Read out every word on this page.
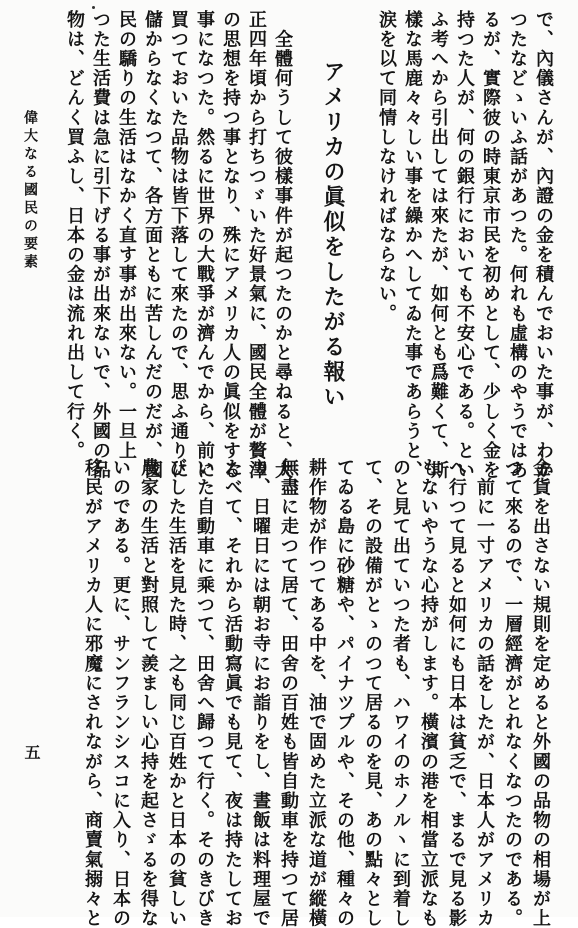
偉大なる國民の要素
五
で、內儀さんが、內證の金を積んでおいた事が、わか
つたなどゝいふ話があつた。何れも虛構のやうではあ
るが、實際彼の時東京市民を初めとして、少しく金を
持つた人が、何の銀行においても不安心である。とい
ふ考へから引出しては來たが、如何とも爲難くて、斯
樣な馬鹿々々しい事を繰かへしてゐた事であらうと、
涙を以て同情しなければならない。
　　アメリカの眞似をしたがる報い
　全體何うして彼樣事件が起つたのかと尋ねると、大
正四年頃から打ちつゞいた好景氣に、國民全體が贅澤
の思想を持つ事となり、殊にアメリカ人の眞似をする
事になつた。然るに世界の大戰爭が濟んでから、前に
買つておいた品物は皆下落して來たので、思ふ通りに
儲からなくなつて、各方面ともに苦しんだのだが、國
民の驕りの生活はなかく直す事が出來ない。一旦上
つた生活費は急に引下げる事が出來ないで、外國の品
物は、どんく買ふし、日本の金は流れ出して行く。
金貨を出さない規則を定めると外國の品物の相場が上
つて來るので、一層經濟がとれなくなつたのである。
　前に一寸アメリカの話をしたが、日本人がアメリカ
へ行つて見ると如何にも日本は貧乏で、まるで見る影
もないやうな心持がします。橫濱の港を相當立派なも
のと見て出ていつた者も、ハワイのホノルヽに到着し
て、その設備がとゝのつて居るのを見、あの點々とし
てゐる島に砂糖や、パイナツプルや、その他、種々の
耕作物が作つてある中を、油で固めた立派な道が縱橫
無盡に走つて居て、田舍の百姓も皆自動車を持つて居
り、日曜日には朝お寺にお詣りをし、晝飯は料理屋で
たべて、それから活動寫眞でも見て、夜は持たしてお
いた自動車に乘つて、田舍へ歸つて行く。そのきびき
びした生活を見た時、之も同じ百姓かと日本の貧しい
農家の生活と對照して羨ましい心持を起さゞるを得な
いのである。更に、サンフランシスコに入り、日本の
移民がアメリカ人に邪魔にされながら、商賣氣搦々と
